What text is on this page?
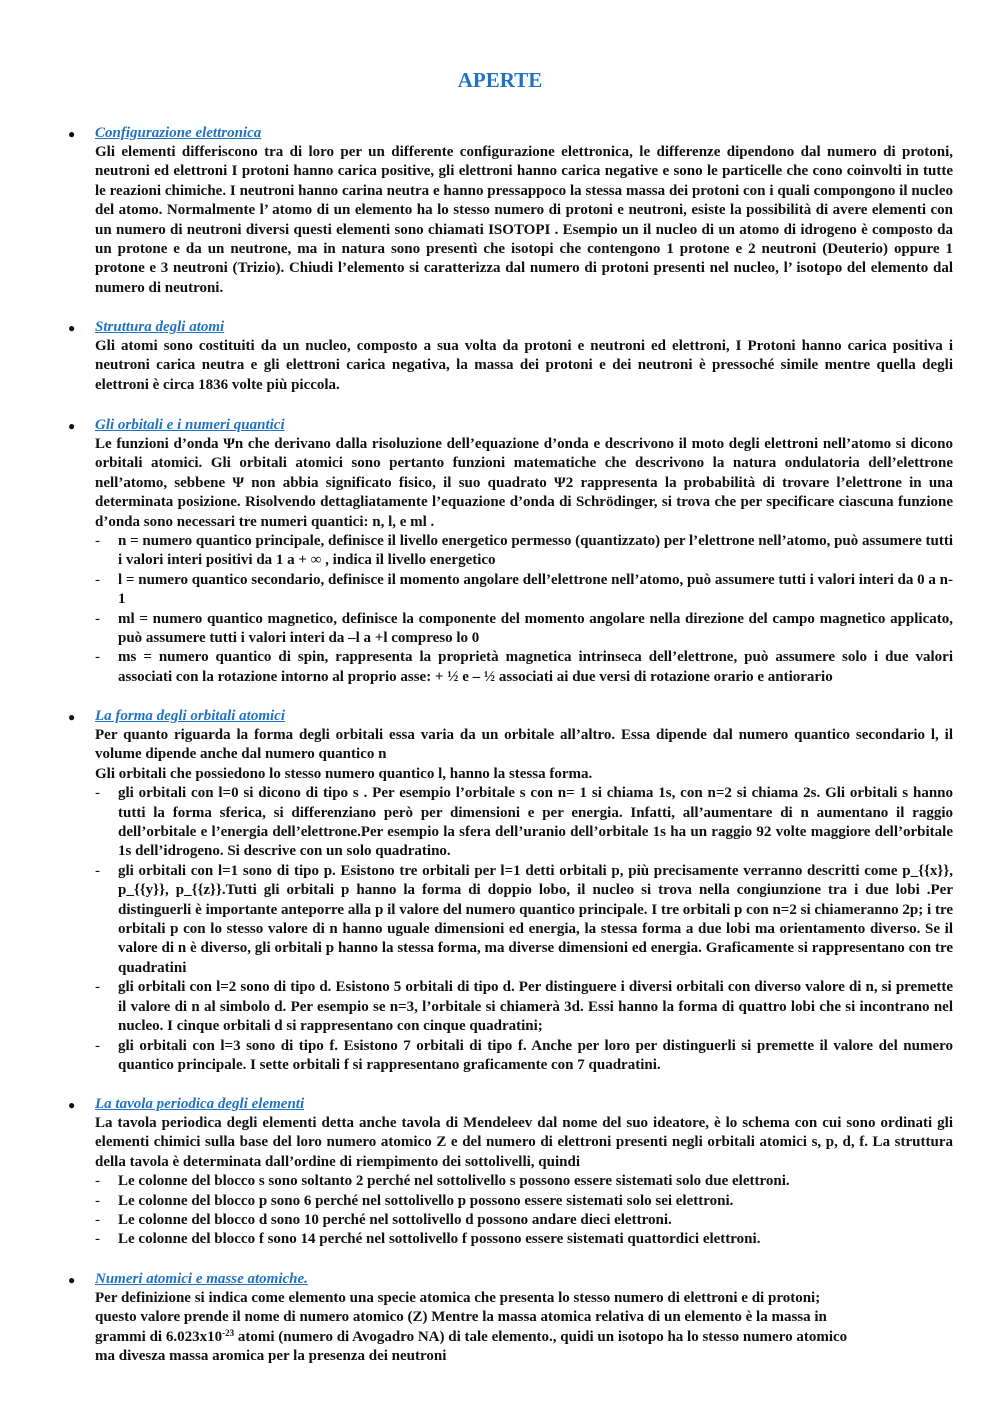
APERTE
● Configurazione elettronica
Gli elementi differiscono tra di loro per un differente configurazione elettronica, le differenze dipendono dal numero di protoni, neutroni ed elettroni I protoni hanno carica positive, gli elettroni hanno carica negative e sono le particelle che cono coinvolti in tutte le reazioni chimiche. I neutroni hanno carina neutra e hanno pressappoco la stessa massa dei protoni con i quali compongono il nucleo del atomo. Normalmente l’ atomo di un elemento ha lo stesso numero di protoni e neutroni, esiste la possibilità di avere elementi con un numero di neutroni diversi questi elementi sono chiamati ISOTOPI . Esempio un il nucleo di un atomo di idrogeno è composto da un protone e da un neutrone, ma in natura sono presentì che isotopi che contengono 1 protone e 2 neutroni (Deuterio) oppure 1 protone e 3 neutroni (Trizio). Chiudi l’elemento si caratterizza dal numero di protoni presenti nel nucleo, l’ isotopo del elemento dal numero di neutroni.
● Struttura degli atomi
Gli atomi sono costituiti da un nucleo, composto a sua volta da protoni e neutroni ed elettroni, I Protoni hanno carica positiva i neutroni carica neutra e gli elettroni carica negativa, la massa dei protoni e dei neutroni è pressoché simile mentre quella degli elettroni è circa 1836 volte più piccola.
● Gli orbitali e i numeri quantici
Le funzioni d’onda Ψn che derivano dalla risoluzione dell’equazione d’onda e descrivono il moto degli elettroni nell’atomo si dicono orbitali atomici. Gli orbitali atomici sono pertanto funzioni matematiche che descrivono la natura ondulatoria dell’elettrone nell’atomo, sebbene Ψ non abbia significato fisico, il suo quadrato Ψ2 rappresenta la probabilità di trovare l’elettrone in una determinata posizione. Risolvendo dettagliatamente l’equazione d’onda di Schrödinger, si trova che per specificare ciascuna funzione d’onda sono necessari tre numeri quantici: n, l, e ml .
- n = numero quantico principale, definisce il livello energetico permesso (quantizzato) per l’elettrone nell’atomo, può assumere tutti i valori interi positivi da 1 a + ∞ , indica il livello energetico
- l = numero quantico secondario, definisce il momento angolare dell’elettrone nell’atomo, può assumere tutti i valori interi da 0 a n-1
- ml = numero quantico magnetico, definisce la componente del momento angolare nella direzione del campo magnetico applicato, può assumere tutti i valori interi da –l a +l compreso lo 0
- ms = numero quantico di spin, rappresenta la proprietà magnetica intrinseca dell’elettrone, può assumere solo i due valori associati con la rotazione intorno al proprio asse: + ½ e – ½ associati ai due versi di rotazione orario e antiorario
● La forma degli orbitali atomici
Per quanto riguarda la forma degli orbitali essa varia da un orbitale all’altro. Essa dipende dal numero quantico secondario l, il volume dipende anche dal numero quantico n
Gli orbitali che possiedono lo stesso numero quantico l, hanno la stessa forma.
- gli orbitali con l=0 si dicono di tipo s . Per esempio l’orbitale s con n= 1 si chiama 1s, con n=2 si chiama 2s. Gli orbitali s hanno tutti la forma sferica, si differenziano però per dimensioni e per energia. Infatti, all’aumentare di n aumentano il raggio dell’orbitale e l’energia dell’elettrone.Per esempio la sfera dell’uranio dell’orbitale 1s ha un raggio 92 volte maggiore dell’orbitale 1s dell’idrogeno. Si descrive con un solo quadratino.
- gli orbitali con l=1 sono di tipo p. Esistono tre orbitali per l=1 detti orbitali p, più precisamente verranno descritti come p_{{x}}, p_{{y}}, p_{{z}}.Tutti gli orbitali p hanno la forma di doppio lobo, il nucleo si trova nella congiunzione tra i due lobi .Per distinguerli è importante anteporre alla p il valore del numero quantico principale. I tre orbitali p con n=2 si chiameranno 2p; i tre orbitali p con lo stesso valore di n hanno uguale dimensioni ed energia, la stessa forma a due lobi ma orientamento diverso. Se il valore di n è diverso, gli orbitali p hanno la stessa forma, ma diverse dimensioni ed energia. Graficamente si rappresentano con tre quadratini
- gli orbitali con l=2 sono di tipo d. Esistono 5 orbitali di tipo d. Per distinguere i diversi orbitali con diverso valore di n, si premette il valore di n al simbolo d. Per esempio se n=3, l’orbitale si chiamerà 3d. Essi hanno la forma di quattro lobi che si incontrano nel nucleo. I cinque orbitali d si rappresentano con cinque quadratini;
- gli orbitali con l=3 sono di tipo f. Esistono 7 orbitali di tipo f. Anche per loro per distinguerli si premette il valore del numero quantico principale. I sette orbitali f si rappresentano graficamente con 7 quadratini.
● La tavola periodica degli elementi
La tavola periodica degli elementi detta anche tavola di Mendeleev dal nome del suo ideatore, è lo schema con cui sono ordinati gli elementi chimici sulla base del loro numero atomico Z e del numero di elettroni presenti negli orbitali atomici s, p, d, f. La struttura della tavola è determinata dall’ordine di riempimento dei sottolivelli, quindi
- Le colonne del blocco s sono soltanto 2 perché nel sottolivello s possono essere sistemati solo due elettroni.
- Le colonne del blocco p sono 6 perché nel sottolivello p possono essere sistemati solo sei elettroni.
- Le colonne del blocco d sono 10 perché nel sottolivello d possono andare dieci elettroni.
- Le colonne del blocco f sono 14 perché nel sottolivello f possono essere sistemati quattordici elettroni.
● Numeri atomici e masse atomiche.
Per definizione si indica come elemento una specie atomica che presenta lo stesso numero di elettroni e di protoni;
questo valore prende il nome di numero atomico (Z) Mentre la massa atomica relativa di un elemento è la massa in
grammi di $6.023x10^{-23}$ atomi (numero di Avogadro NA) di tale elemento., quidi un isotopo ha lo stesso numero atomico
ma divesza massa aromica per la presenza dei neutroni
